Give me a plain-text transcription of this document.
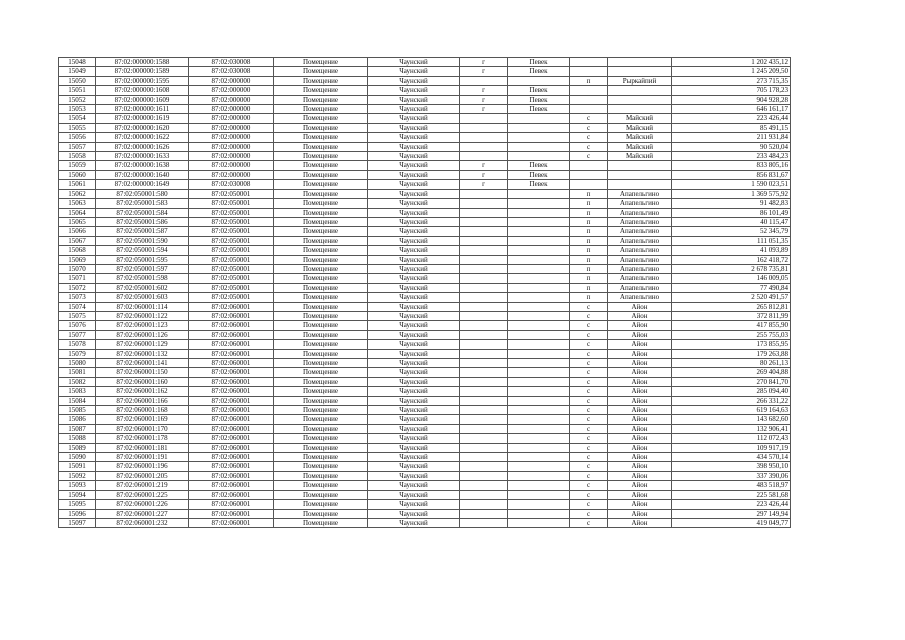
15048	87:02:000000:1588	87:02:030008	Помещение	Чаунский	г	Певек			1 202 435,12
15049	87:02:000000:1589	87:02:030008	Помещение	Чаунский	г	Певек			1 245 209,50
15050	87:02:000000:1595	87:02:000000	Помещение	Чаунский			п	Рыркайпий	273 715,35
15051	87:02:000000:1608	87:02:000000	Помещение	Чаунский	г	Певек			705 178,23
15052	87:02:000000:1609	87:02:000000	Помещение	Чаунский	г	Певек			904 928,28
15053	87:02:000000:1611	87:02:000000	Помещение	Чаунский	г	Певек			646 161,17
15054	87:02:000000:1619	87:02:000000	Помещение	Чаунский			с	Майский	223 426,44
15055	87:02:000000:1620	87:02:000000	Помещение	Чаунский			с	Майский	85 491,15
15056	87:02:000000:1622	87:02:000000	Помещение	Чаунский			с	Майский	211 931,84
15057	87:02:000000:1626	87:02:000000	Помещение	Чаунский			с	Майский	90 520,04
15058	87:02:000000:1633	87:02:000000	Помещение	Чаунский			с	Майский	233 484,23
15059	87:02:000000:1638	87:02:000000	Помещение	Чаунский	г	Певек			833 805,16
15060	87:02:000000:1640	87:02:000000	Помещение	Чаунский	г	Певек			856 831,67
15061	87:02:000000:1649	87:02:030008	Помещение	Чаунский	г	Певек			1 590 023,51
15062	87:02:050001:580	87:02:050001	Помещение	Чаунский			п	Апапельгино	1 369 575,92
15063	87:02:050001:583	87:02:050001	Помещение	Чаунский			п	Апапельгино	91 482,83
15064	87:02:050001:584	87:02:050001	Помещение	Чаунский			п	Апапельгино	86 101,49
15065	87:02:050001:586	87:02:050001	Помещение	Чаунский			п	Апапельгино	40 115,47
15066	87:02:050001:587	87:02:050001	Помещение	Чаунский			п	Апапельгино	52 345,79
15067	87:02:050001:590	87:02:050001	Помещение	Чаунский			п	Апапельгино	111 051,35
15068	87:02:050001:594	87:02:050001	Помещение	Чаунский			п	Апапельгино	41 093,89
15069	87:02:050001:595	87:02:050001	Помещение	Чаунский			п	Апапельгино	162 418,72
15070	87:02:050001:597	87:02:050001	Помещение	Чаунский			п	Апапельгино	2 678 735,81
15071	87:02:050001:598	87:02:050001	Помещение	Чаунский			п	Апапельгино	146 009,05
15072	87:02:050001:602	87:02:050001	Помещение	Чаунский			п	Апапельгино	77 490,84
15073	87:02:050001:603	87:02:050001	Помещение	Чаунский			п	Апапельгино	2 520 491,57
15074	87:02:060001:114	87:02:060001	Помещение	Чаунский			с	Айон	265 812,81
15075	87:02:060001:122	87:02:060001	Помещение	Чаунский			с	Айон	372 811,99
15076	87:02:060001:123	87:02:060001	Помещение	Чаунский			с	Айон	417 855,90
15077	87:02:060001:126	87:02:060001	Помещение	Чаунский			с	Айон	255 755,03
15078	87:02:060001:129	87:02:060001	Помещение	Чаунский			с	Айон	173 855,95
15079	87:02:060001:132	87:02:060001	Помещение	Чаунский			с	Айон	179 263,88
15080	87:02:060001:141	87:02:060001	Помещение	Чаунский			с	Айон	80 261,13
15081	87:02:060001:150	87:02:060001	Помещение	Чаунский			с	Айон	269 404,88
15082	87:02:060001:160	87:02:060001	Помещение	Чаунский			с	Айон	270 841,70
15083	87:02:060001:162	87:02:060001	Помещение	Чаунский			с	Айон	285 094,40
15084	87:02:060001:166	87:02:060001	Помещение	Чаунский			с	Айон	266 331,22
15085	87:02:060001:168	87:02:060001	Помещение	Чаунский			с	Айон	619 164,63
15086	87:02:060001:169	87:02:060001	Помещение	Чаунский			с	Айон	143 682,60
15087	87:02:060001:170	87:02:060001	Помещение	Чаунский			с	Айон	132 906,41
15088	87:02:060001:178	87:02:060001	Помещение	Чаунский			с	Айон	112 072,43
15089	87:02:060001:181	87:02:060001	Помещение	Чаунский			с	Айон	109 917,19
15090	87:02:060001:191	87:02:060001	Помещение	Чаунский			с	Айон	434 570,14
15091	87:02:060001:196	87:02:060001	Помещение	Чаунский			с	Айон	398 950,10
15092	87:02:060001:205	87:02:060001	Помещение	Чаунский			с	Айон	337 390,06
15093	87:02:060001:219	87:02:060001	Помещение	Чаунский			с	Айон	483 518,97
15094	87:02:060001:225	87:02:060001	Помещение	Чаунский			с	Айон	225 581,68
15095	87:02:060001:226	87:02:060001	Помещение	Чаунский			с	Айон	223 426,44
15096	87:02:060001:227	87:02:060001	Помещение	Чаунский			с	Айон	297 149,94
15097	87:02:060001:232	87:02:060001	Помещение	Чаунский			с	Айон	419 049,77
